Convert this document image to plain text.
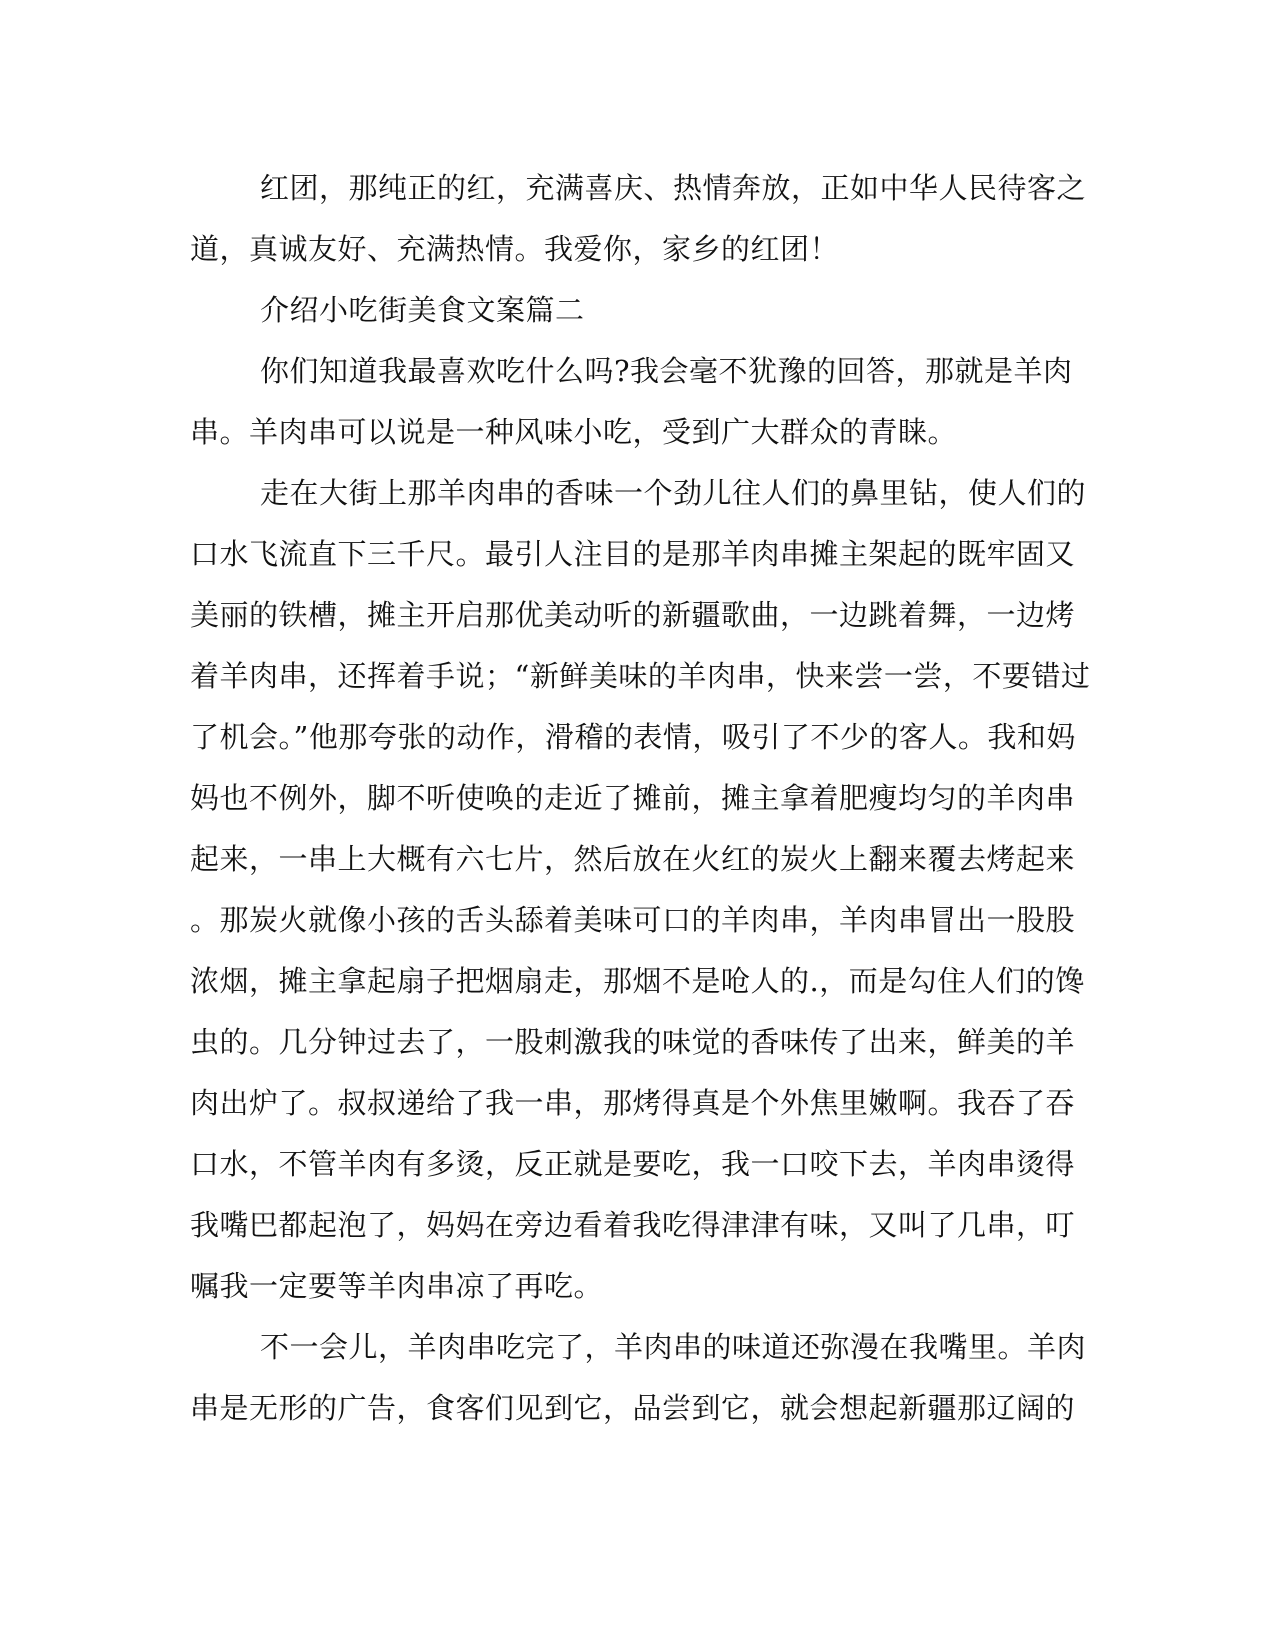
红团，那纯正的红，充满喜庆、热情奔放，正如中华人民待客之
道，真诚友好、充满热情。我爱你，家乡的红团！
介绍小吃街美食文案篇二
你们知道我最喜欢吃什么吗?我会毫不犹豫的回答，那就是羊肉
串。羊肉串可以说是一种风味小吃，受到广大群众的青睐。
走在大街上那羊肉串的香味一个劲儿往人们的鼻里钻，使人们的
口水飞流直下三千尺。最引人注目的是那羊肉串摊主架起的既牢固又
美丽的铁槽，摊主开启那优美动听的新疆歌曲，一边跳着舞，一边烤
着羊肉串，还挥着手说；“新鲜美味的羊肉串，快来尝一尝，不要错过
了机会。”他那夸张的动作，滑稽的表情，吸引了不少的客人。我和妈
妈也不例外，脚不听使唤的走近了摊前，摊主拿着肥瘦均匀的羊肉串
起来，一串上大概有六七片，然后放在火红的炭火上翻来覆去烤起来
。那炭火就像小孩的舌头舔着美味可口的羊肉串，羊肉串冒出一股股
浓烟，摊主拿起扇子把烟扇走，那烟不是呛人的.，而是勾住人们的馋
虫的。几分钟过去了，一股刺激我的味觉的香味传了出来，鲜美的羊
肉出炉了。叔叔递给了我一串，那烤得真是个外焦里嫩啊。我吞了吞
口水，不管羊肉有多烫，反正就是要吃，我一口咬下去，羊肉串烫得
我嘴巴都起泡了，妈妈在旁边看着我吃得津津有味，又叫了几串，叮
嘱我一定要等羊肉串凉了再吃。
不一会儿，羊肉串吃完了，羊肉串的味道还弥漫在我嘴里。羊肉
串是无形的广告，食客们见到它，品尝到它，就会想起新疆那辽阔的
